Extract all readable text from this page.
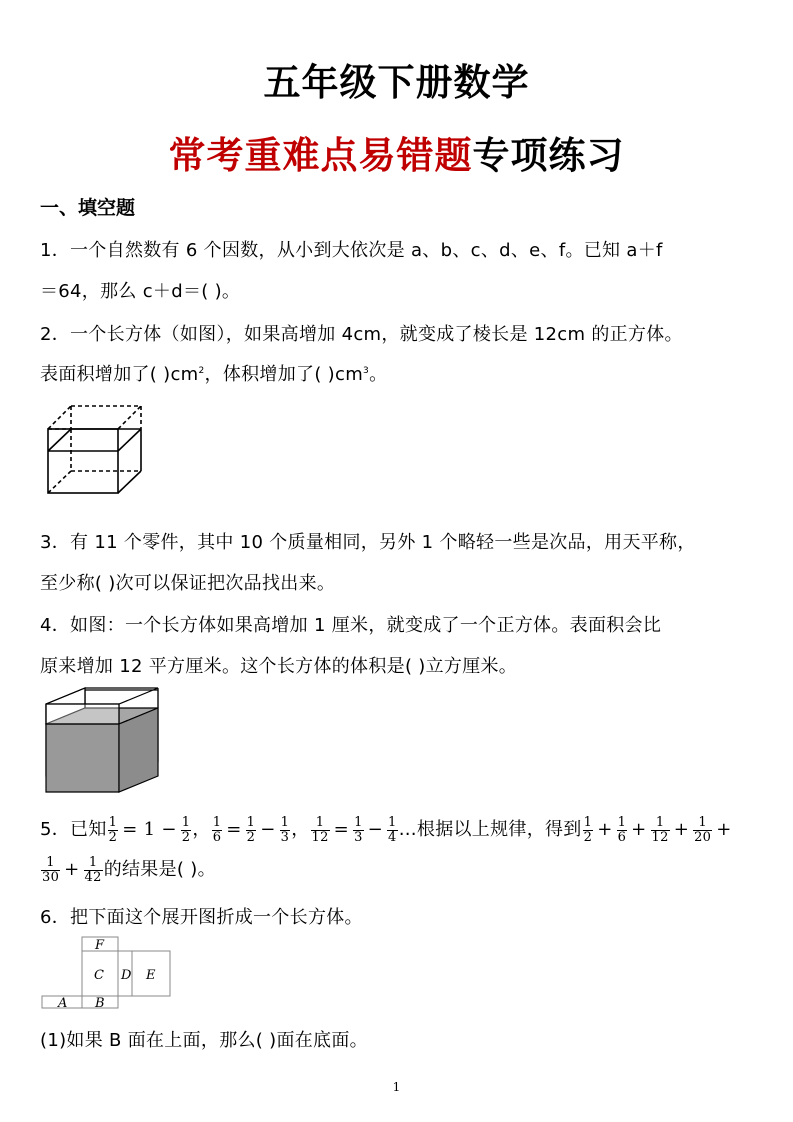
五年级下册数学
常考重难点易错题专项练习
一、填空题
1．一个自然数有 6 个因数，从小到大依次是 a、b、c、d、e、f。已知 a＋f
＝64，那么 c＋d＝( )。
2．一个长方体（如图），如果高增加 4cm，就变成了棱长是 12cm 的正方体。
表面积增加了( )$cm^2$，体积增加了( )$cm^3$。
3．有 11 个零件，其中 10 个质量相同，另外 1 个略轻一些是次品，用天平称，
至少称( )次可以保证把次品找出来。
4．如图：一个长方体如果高增加 1 厘米，就变成了一个正方体。表面积会比
原来增加 12 平方厘米。这个长方体的体积是( )立方厘米。
5．已知 $\frac{1}{2} = 1 - \frac{1}{2}$ ， $\frac{1}{6} = \frac{1}{2} - \frac{1}{3}$ ， $\frac{1}{12} = \frac{1}{3} - \frac{1}{4}$ …根据以上规律，得到 $\frac{1}{2} + \frac{1}{6} + \frac{1}{12} + \frac{1}{20}$ +
$\frac{1}{30} + \frac{1}{42}$ 的结果是( )。
6．把下面这个展开图折成一个长方体。
F
C D E
A B
(1)如果 B 面在上面，那么( )面在底面。
1
